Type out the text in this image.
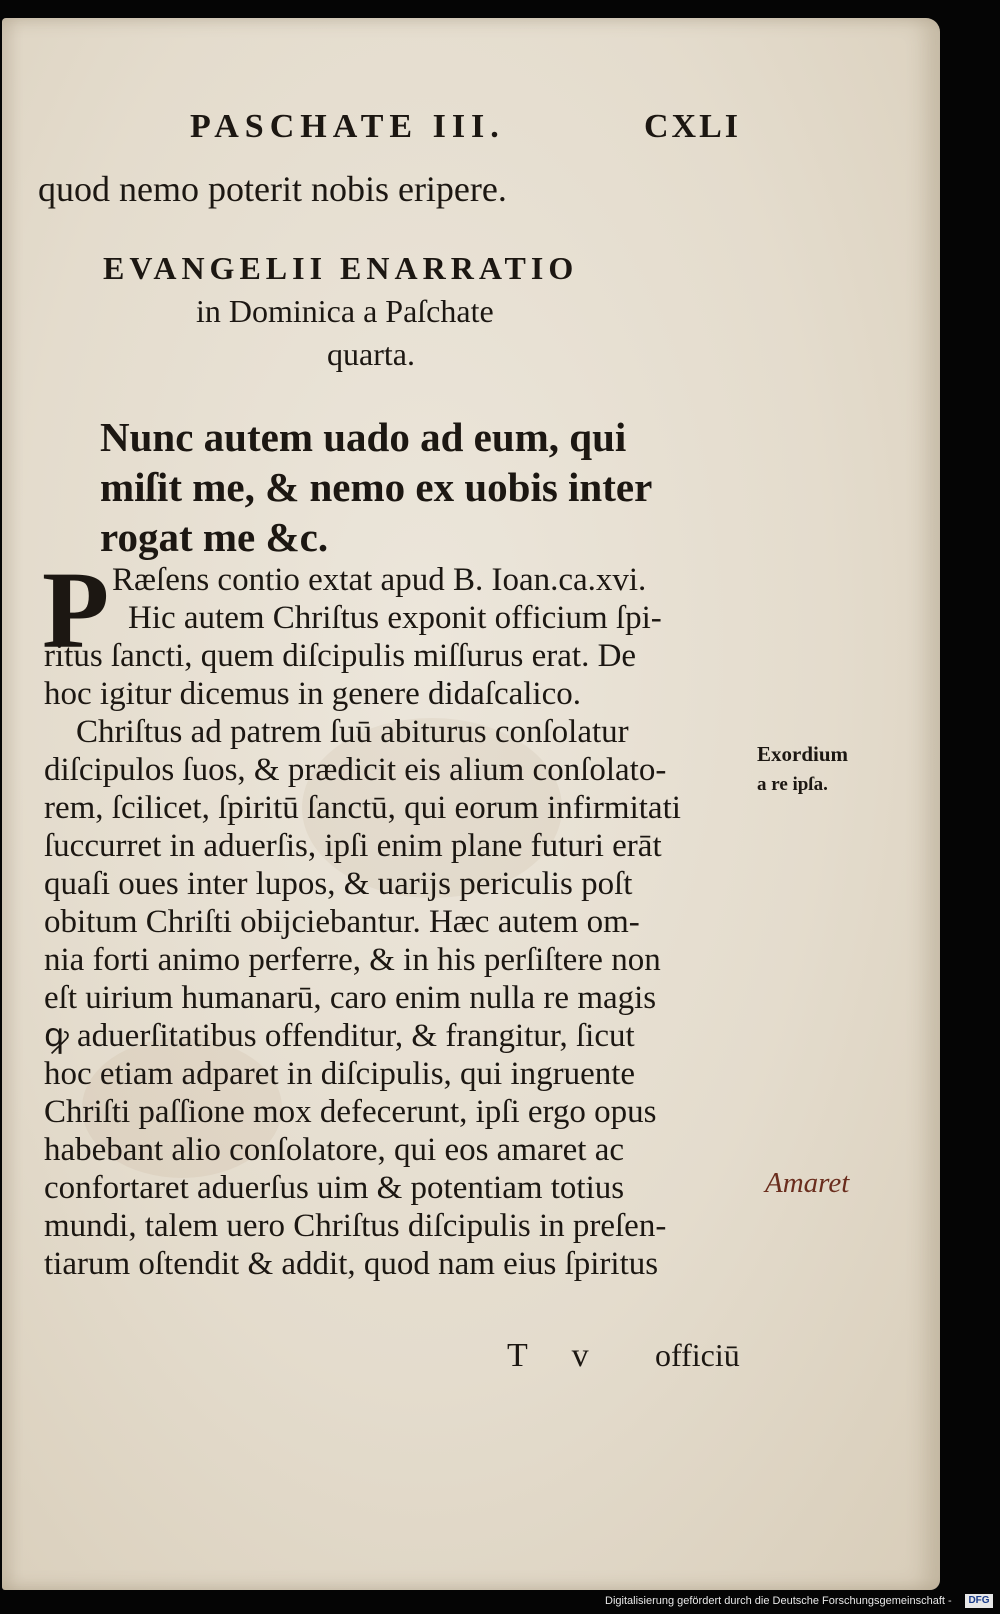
PASCHATE III.	CXLI
quod nemo poterit nobis eripere.
EVANGELII ENARRATIO
in Dominica a Paſchate
quarta.
Nunc autem uado ad eum, qui
miſit me, & nemo ex uobis inter
rogat me &c.
P Ræſens contio extat apud B. Ioan.ca.xvi.
Hic autem Chriſtus exponit officium ſpi-
ritus ſancti, quem diſcipulis miſſurus erat. De
hoc igitur dicemus in genere didaſcalico.
Chriſtus ad patrem ſuū abiturus conſolatur
diſcipulos ſuos, & prædicit eis alium conſolato-
rem, ſcilicet, ſpiritū ſanctū, qui eorum infirmitati
ſuccurret in aduerſis, ipſi enim plane futuri erāt
quaſi oues inter lupos, & uarijs periculis poſt
obitum Chriſti obijciebantur. Hæc autem om-
nia forti animo perferre, & in his perſiſtere non
eſt uirium humanarū, caro enim nulla re magis
ꝙ aduerſitatibus offenditur, & frangitur, ſicut
hoc etiam adparet in diſcipulis, qui ingruente
Chriſti paſſione mox defecerunt, ipſi ergo opus
habebant alio conſolatore, qui eos amaret ac
confortaret aduerſus uim & potentiam totius
mundi, talem uero Chriſtus diſcipulis in preſen-
tiarum oſtendit & addit, quod nam eius ſpiritus
Exordium
a re ipſa.
Amaret
T v officiū
Digitalisierung gefördert durch die Deutsche Forschungsgemeinschaft -	DFG
